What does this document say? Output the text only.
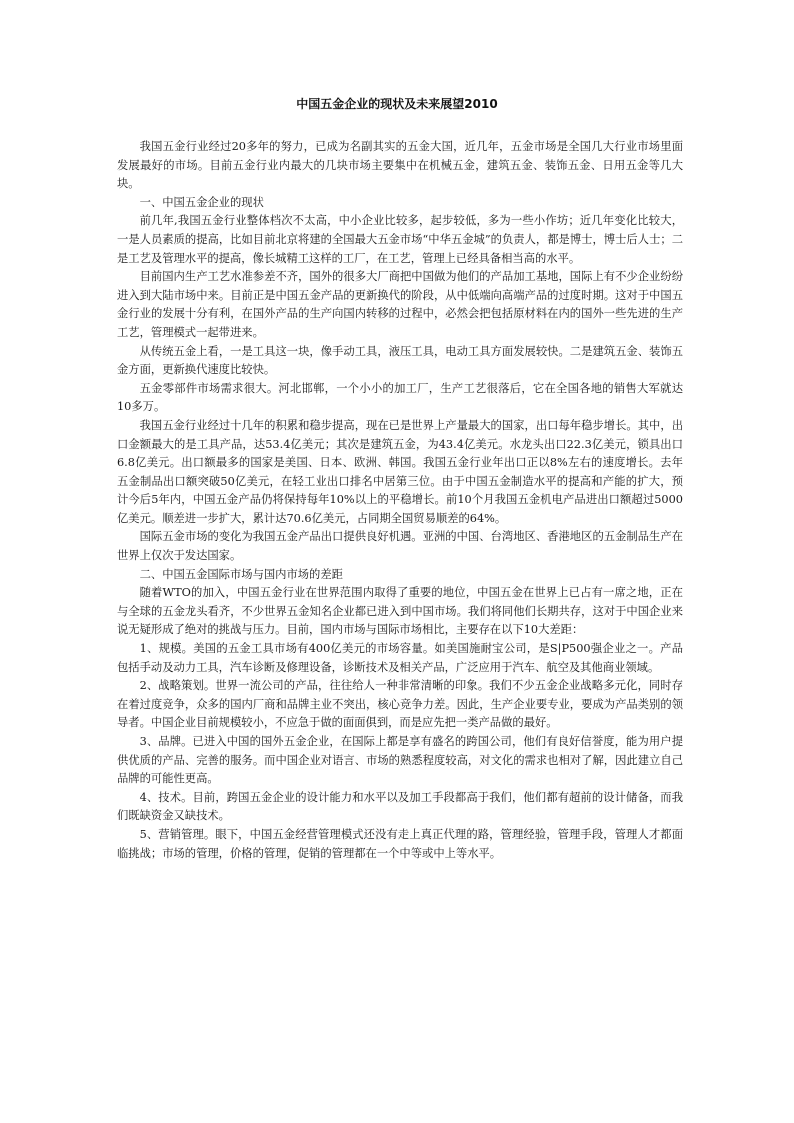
中国五金企业的现状及未来展望2010

我国五金行业经过20多年的努力，已成为名副其实的五金大国，近几年，五金市场是全国几大行业市场里面发展最好的市场。目前五金行业内最大的几块市场主要集中在机械五金，建筑五金、装饰五金、日用五金等几大块。

一、中国五金企业的现状

前几年,我国五金行业整体档次不太高，中小企业比较多，起步较低，多为一些小作坊；近几年变化比较大，一是人员素质的提高，比如目前北京将建的全国最大五金市场“中华五金城”的负责人，都是博士，博士后人士；二是工艺及管理水平的提高，像长城精工这样的工厂，在工艺，管理上已经具备相当高的水平。

目前国内生产工艺水准参差不齐，国外的很多大厂商把中国做为他们的产品加工基地，国际上有不少企业纷纷进入到大陆市场中来。目前正是中国五金产品的更新换代的阶段，从中低端向高端产品的过度时期。这对于中国五金行业的发展十分有利，在国外产品的生产向国内转移的过程中，必然会把包括原材料在内的国外一些先进的生产工艺，管理模式一起带进来。

从传统五金上看，一是工具这一块，像手动工具，液压工具，电动工具方面发展较快。二是建筑五金、装饰五金方面，更新换代速度比较快。

五金零部件市场需求很大。河北邯郸，一个小小的加工厂，生产工艺很落后，它在全国各地的销售大军就达10多万。

我国五金行业经过十几年的积累和稳步提高，现在已是世界上产量最大的国家，出口每年稳步增长。其中，出口金额最大的是工具产品，达53.4亿美元；其次是建筑五金，为43.4亿美元。水龙头出口22.3亿美元，锁具出口6.8亿美元。出口额最多的国家是美国、日本、欧洲、韩国。我国五金行业年出口正以8%左右的速度增长。去年五金制品出口额突破50亿美元，在轻工业出口排名中居第三位。由于中国五金制造水平的提高和产能的扩大，预计今后5年内，中国五金产品仍将保持每年10%以上的平稳增长。前10个月我国五金机电产品进出口额超过5000亿美元。顺差进一步扩大，累计达70.6亿美元，占同期全国贸易顺差的64%。

国际五金市场的变化为我国五金产品出口提供良好机遇。亚洲的中国、台湾地区、香港地区的五金制品生产在世界上仅次于发达国家。

二、中国五金国际市场与国内市场的差距

随着WTO的加入，中国五金行业在世界范围内取得了重要的地位，中国五金在世界上已占有一席之地，正在与全球的五金龙头看齐，不少世界五金知名企业都已进入到中国市场。我们将同他们长期共存，这对于中国企业来说无疑形成了绝对的挑战与压力。目前，国内市场与国际市场相比，主要存在以下10大差距：

1、规模。美国的五金工具市场有400亿美元的市场容量。如美国施耐宝公司，是S|P500强企业之一。产品包括手动及动力工具，汽车诊断及修理设备，诊断技术及相关产品，广泛应用于汽车、航空及其他商业领域。

2、战略策划。世界一流公司的产品，往往给人一种非常清晰的印象。我们不少五金企业战略多元化，同时存在着过度竞争，众多的国内厂商和品牌主业不突出，核心竞争力差。因此，生产企业要专业，要成为产品类别的领导者。中国企业目前规模较小，不应急于做的面面俱到，而是应先把一类产品做的最好。

3、品牌。已进入中国的国外五金企业，在国际上都是享有盛名的跨国公司，他们有良好信誉度，能为用户提供优质的产品、完善的服务。而中国企业对语言、市场的熟悉程度较高，对文化的需求也相对了解，因此建立自己品牌的可能性更高。

4、技术。目前，跨国五金企业的设计能力和水平以及加工手段都高于我们，他们都有超前的设计储备，而我们既缺资金又缺技术。

5、营销管理。眼下，中国五金经营管理模式还没有走上真正代理的路，管理经验，管理手段，管理人才都面临挑战；市场的管理，价格的管理，促销的管理都在一个中等或中上等水平。
